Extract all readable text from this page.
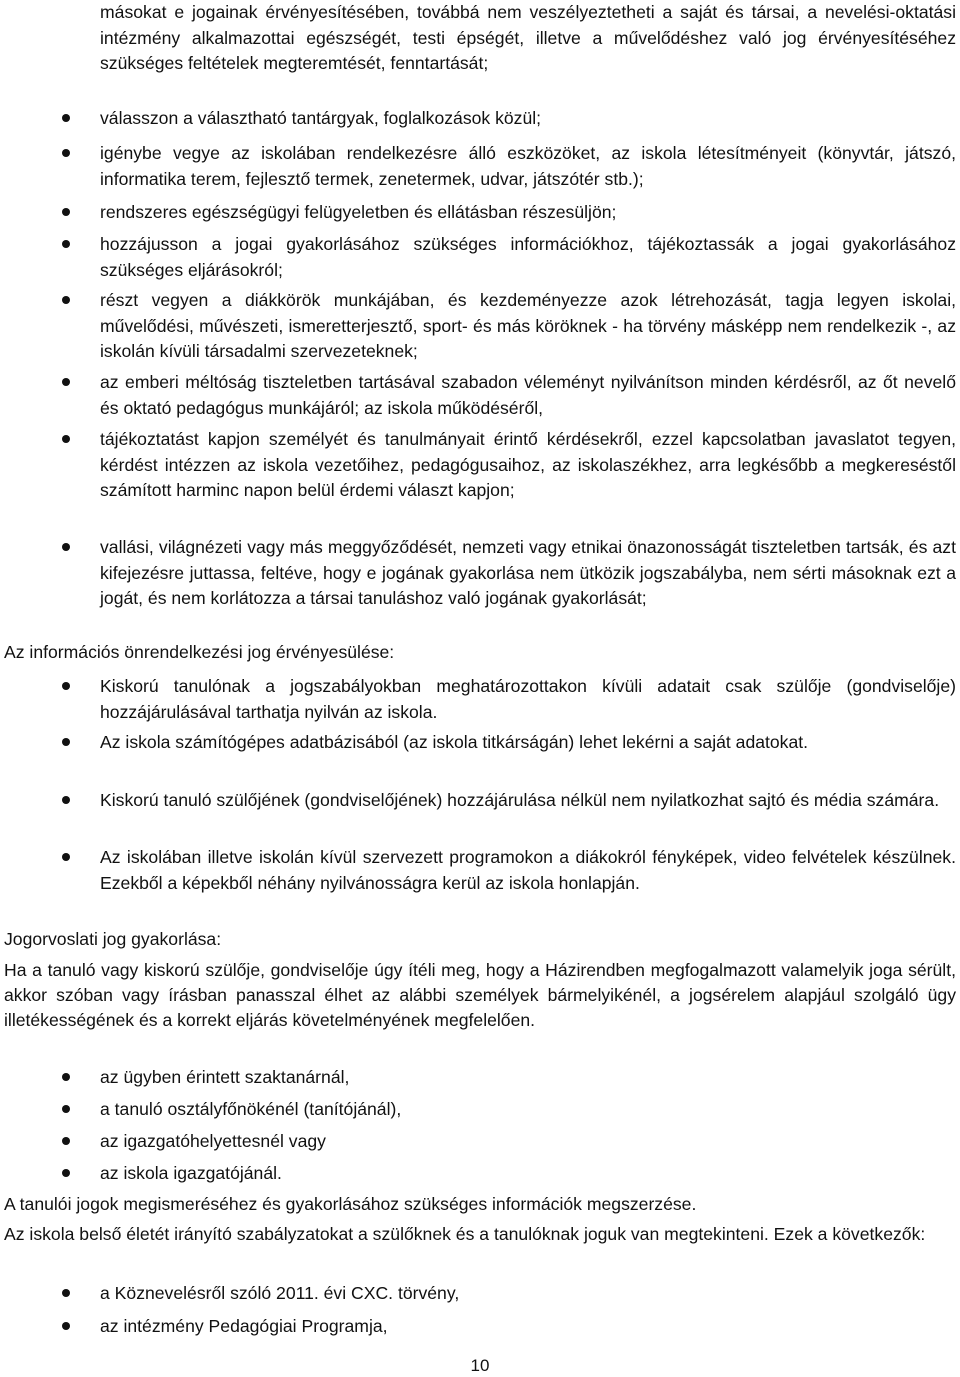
másokat e jogainak érvényesítésében, továbbá nem veszélyeztetheti a saját és társai, a nevelési-oktatási intézmény alkalmazottai egészségét, testi épségét, illetve a művelődéshez való jog érvényesítéséhez szükséges feltételek megteremtését, fenntartását;

válasszon a választható tantárgyak, foglalkozások közül;

igénybe vegye az iskolában rendelkezésre álló eszközöket, az iskola létesítményeit (könyvtár, játszó, informatika terem, fejlesztő termek, zenetermek, udvar, játszótér stb.);

rendszeres egészségügyi felügyeletben és ellátásban részesüljön;

hozzájusson a jogai gyakorlásához szükséges információkhoz, tájékoztassák a jogai gyakorlásához szükséges eljárásokról;

részt vegyen a diákkörök munkájában, és kezdeményezze azok létrehozását, tagja legyen iskolai, művelődési, művészeti, ismeretterjesztő, sport- és más köröknek - ha törvény másképp nem rendelkezik -, az iskolán kívüli társadalmi szervezeteknek;

az emberi méltóság tiszteletben tartásával szabadon véleményt nyilvánítson minden kérdésről, az őt nevelő és oktató pedagógus munkájáról; az iskola működéséről,

tájékoztatást kapjon személyét és tanulmányait érintő kérdésekről, ezzel kapcsolatban javaslatot tegyen, kérdést intézzen az iskola vezetőihez, pedagógusaihoz, az iskolaszékhez, arra legkésőbb a megkereséstől számított harminc napon belül érdemi választ kapjon;

vallási, világnézeti vagy más meggyőződését, nemzeti vagy etnikai önazonosságát tiszteletben tartsák, és azt kifejezésre juttassa, feltéve, hogy e jogának gyakorlása nem ütközik jogszabályba, nem sérti másoknak ezt a jogát, és nem korlátozza a társai tanuláshoz való jogának gyakorlását;

Az információs önrendelkezési jog érvényesülése:

Kiskorú tanulónak a jogszabályokban meghatározottakon kívüli adatait csak szülője (gondviselője) hozzájárulásával tarthatja nyilván az iskola.

Az iskola számítógépes adatbázisából (az iskola titkárságán) lehet lekérni a saját adatokat.

Kiskorú tanuló szülőjének (gondviselőjének) hozzájárulása nélkül nem nyilatkozhat sajtó és média számára.

Az iskolában illetve iskolán kívül szervezett programokon a diákokról fényképek, video felvételek készülnek. Ezekből a képekből néhány nyilvánosságra kerül az iskola honlapján.

Jogorvoslati jog gyakorlása:

Ha a tanuló vagy kiskorú szülője, gondviselője úgy ítéli meg, hogy a Házirendben megfogalmazott valamelyik joga sérült, akkor szóban vagy írásban panasszal élhet az alábbi személyek bármelyikénél, a jogsérelem alapjául szolgáló ügy illetékességének és a korrekt eljárás követelményének megfelelően.

az ügyben érintett szaktanárnál,

a tanuló osztályfőnökénél (tanítójánál),

az igazgatóhelyettesnél vagy

az iskola igazgatójánál.

A tanulói jogok megismeréséhez és gyakorlásához szükséges információk megszerzése.

Az iskola belső életét irányító szabályzatokat a szülőknek és a tanulóknak joguk van megtekinteni. Ezek a következők:

a Köznevelésről szóló 2011. évi CXC. törvény,

az intézmény Pedagógiai Programja,

10
